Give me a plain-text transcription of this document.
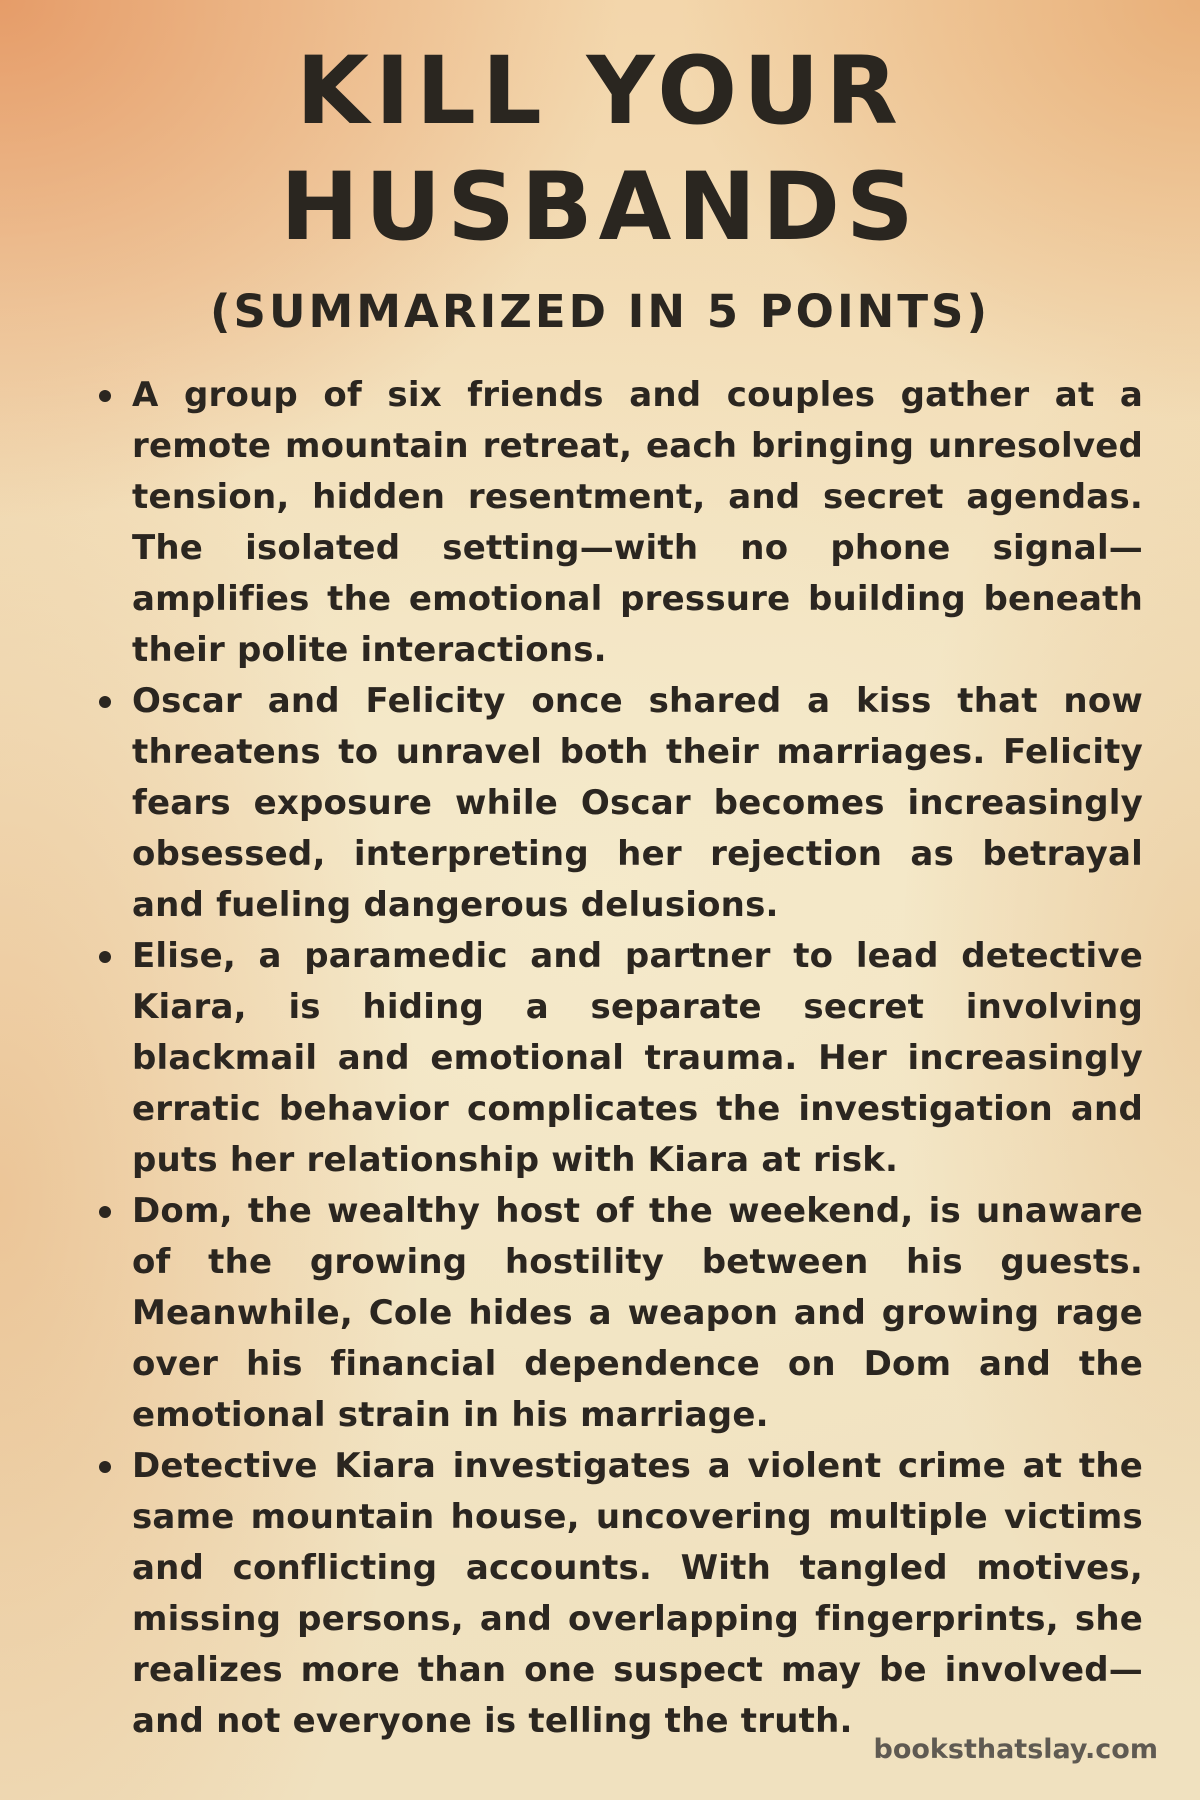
KILL YOUR
HUSBANDS
(SUMMARIZED IN 5 POINTS)
A group of six friends and couples gather at a remote mountain retreat, each bringing unresolved tension, hidden resentment, and secret agendas. The isolated setting—with no phone signal—amplifies the emotional pressure building beneath their polite interactions.
Oscar and Felicity once shared a kiss that now threatens to unravel both their marriages. Felicity fears exposure while Oscar becomes increasingly obsessed, interpreting her rejection as betrayal and fueling dangerous delusions.
Elise, a paramedic and partner to lead detective Kiara, is hiding a separate secret involving blackmail and emotional trauma. Her increasingly erratic behavior complicates the investigation and puts her relationship with Kiara at risk.
Dom, the wealthy host of the weekend, is unaware of the growing hostility between his guests. Meanwhile, Cole hides a weapon and growing rage over his financial dependence on Dom and the emotional strain in his marriage.
Detective Kiara investigates a violent crime at the same mountain house, uncovering multiple victims and conflicting accounts. With tangled motives, missing persons, and overlapping fingerprints, she realizes more than one suspect may be involved—and not everyone is telling the truth.
booksthatslay.com
